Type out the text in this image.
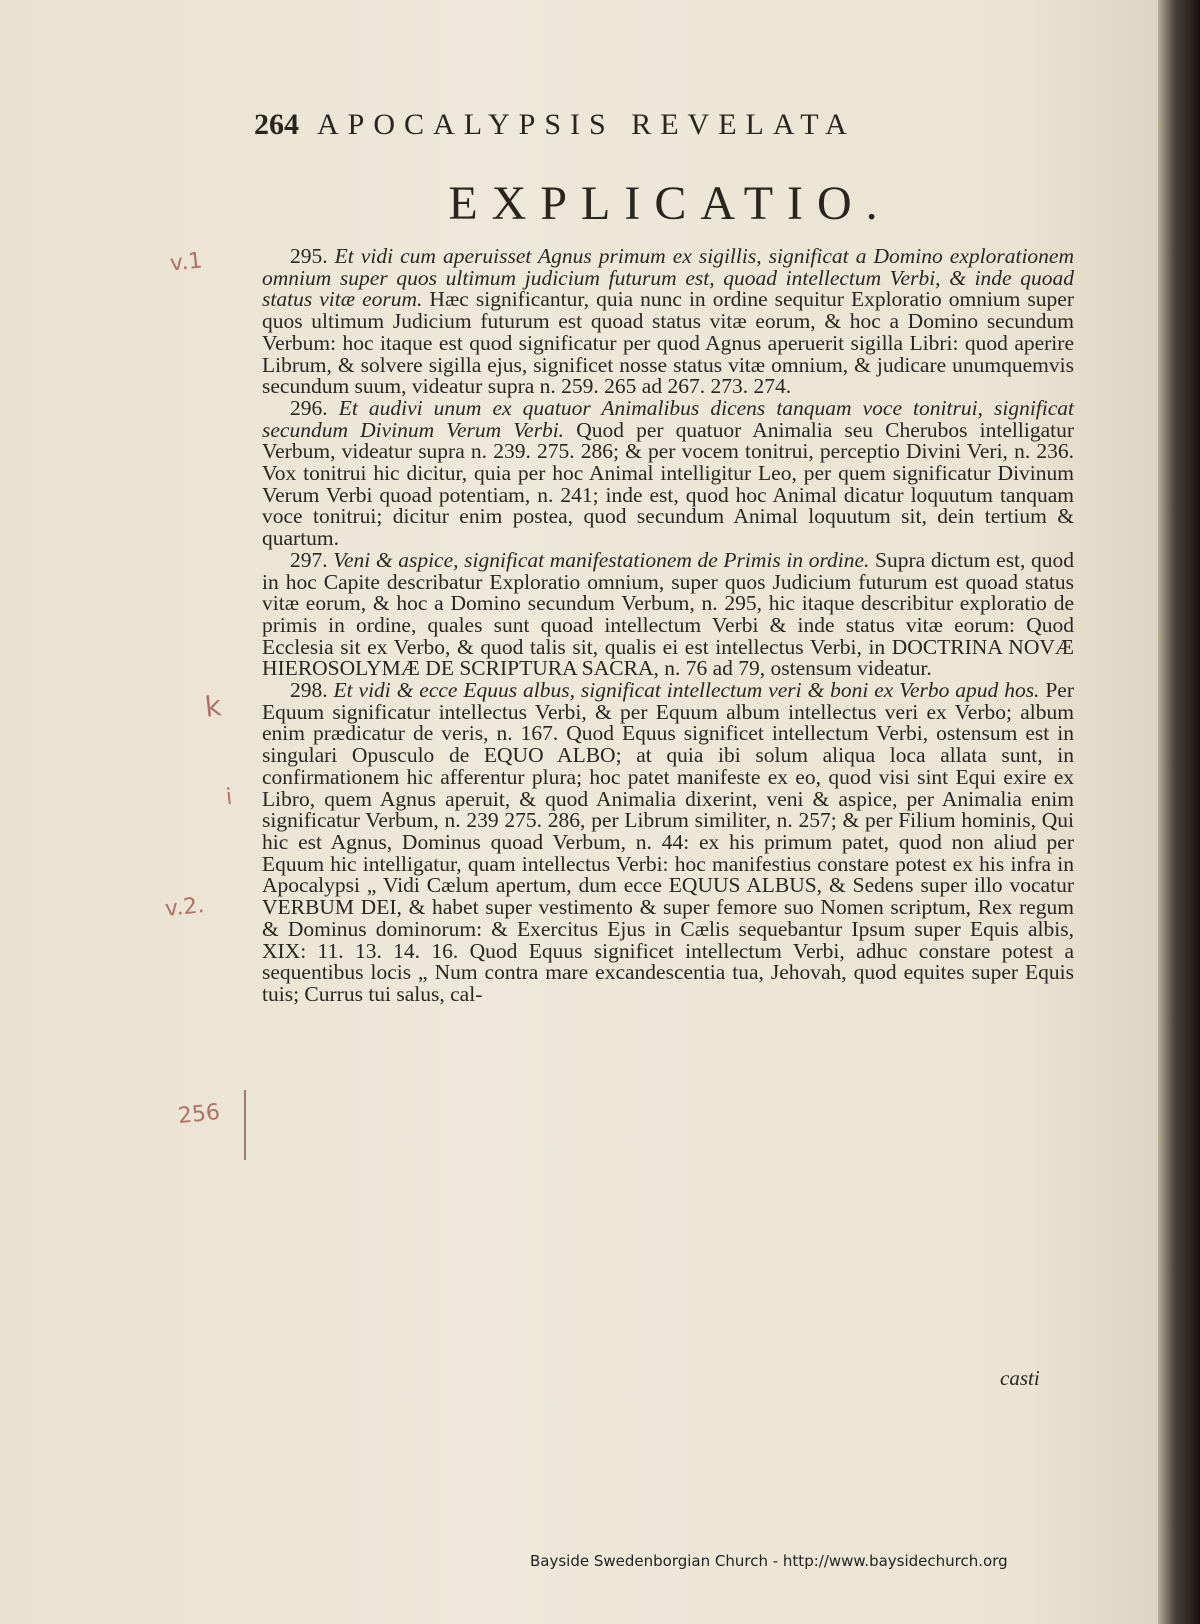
264 APOCALYPSIS REVELATA
EXPLICATIO.

295. Et vidi cum aperuisset Agnus primum ex sigillis, significat a Domino explorationem omnium super quos ultimum judicium futurum est, quoad intellectum Verbi, & inde quoad status vitæ eorum. Hæc significantur, quia nunc in ordine sequitur Exploratio omnium super quos ultimum Judicium futurum est quoad status vitæ eorum, & hoc a Domino secundum Verbum: hoc itaque est quod significatur per quod Agnus aperuerit sigilla Libri: quod aperire Librum, & solvere sigilla ejus, significet nosse status vitæ omnium, & judicare unumquemvis secundum suum, videatur supra n. 259. 265 ad 267. 273. 274.

296. Et audivi unum ex quatuor Animalibus dicens tanquam voce tonitrui, significat secundum Divinum Verum Verbi. Quod per quatuor Animalia seu Cherubos intelligatur Verbum, videatur supra n. 239. 275. 286; & per vocem tonitrui, perceptio Divini Veri, n. 236. Vox tonitrui hic dicitur, quia per hoc Animal intelligitur Leo, per quem significatur Divinum Verum Verbi quoad potentiam, n. 241; inde est, quod hoc Animal dicatur loquutum tanquam voce tonitrui; dicitur enim postea, quod secundum Animal loquutum sit, dein tertium & quartum.

297. Veni & aspice, significat manifestationem de Primis in ordine. Supra dictum est, quod in hoc Capite describatur Exploratio omnium, super quos Judicium futurum est quoad status vitæ eorum, & hoc a Domino secundum Verbum, n. 295, hic itaque describitur exploratio de primis in ordine, quales sunt quoad intellectum Verbi & inde status vitæ eorum: Quod Ecclesia sit ex Verbo, & quod talis sit, qualis ei est intellectus Verbi, in DOCTRINA NOVÆ HIEROSOLYMÆ DE SCRIPTURA SACRA, n. 76 ad 79, ostensum videatur.

298. Et vidi & ecce Equus albus, significat intellectum veri & boni ex Verbo apud hos. Per Equum significatur intellectus Verbi, & per Equum album intellectus veri ex Verbo; album enim prædicatur de veris, n. 167. Quod Equus significet intellectum Verbi, ostensum est in singulari Opusculo de EQUO ALBO; at quia ibi solum aliqua loca allata sunt, in confirmationem hic afferentur plura; hoc patet manifeste ex eo, quod visi sint Equi exire ex Libro, quem Agnus aperuit, & quod Animalia dixerint, veni & aspice, per Animalia enim significatur Verbum, n. 239 275. 286, per Librum similiter, n. 257; & per Filium hominis, Qui hic est Agnus, Dominus quoad Verbum, n. 44: ex his primum patet, quod non aliud per Equum hic intelligatur, quam intellectus Verbi: hoc manifestius constare potest ex his infra in Apocalypsi „ Vidi Cælum apertum, dum ecce EQUUS ALBUS, & Sedens super illo vocatur VERBUM DEI, & habet super vestimento & super femore suo Nomen scriptum, Rex regum & Dominus dominorum: & Exercitus Ejus in Cælis sequebantur Ipsum super Equis albis, XIX: 11. 13. 14. 16. Quod Equus significet intellectum Verbi, adhuc constare potest a sequentibus locis „ Num contra mare excandescentia tua, Jehovah, quod equites super Equis tuis; Currus tui salus, cal-

casti
v.1
k
i
v.2.
256
Bayside Swedenborgian Church - http://www.baysidechurch.org
